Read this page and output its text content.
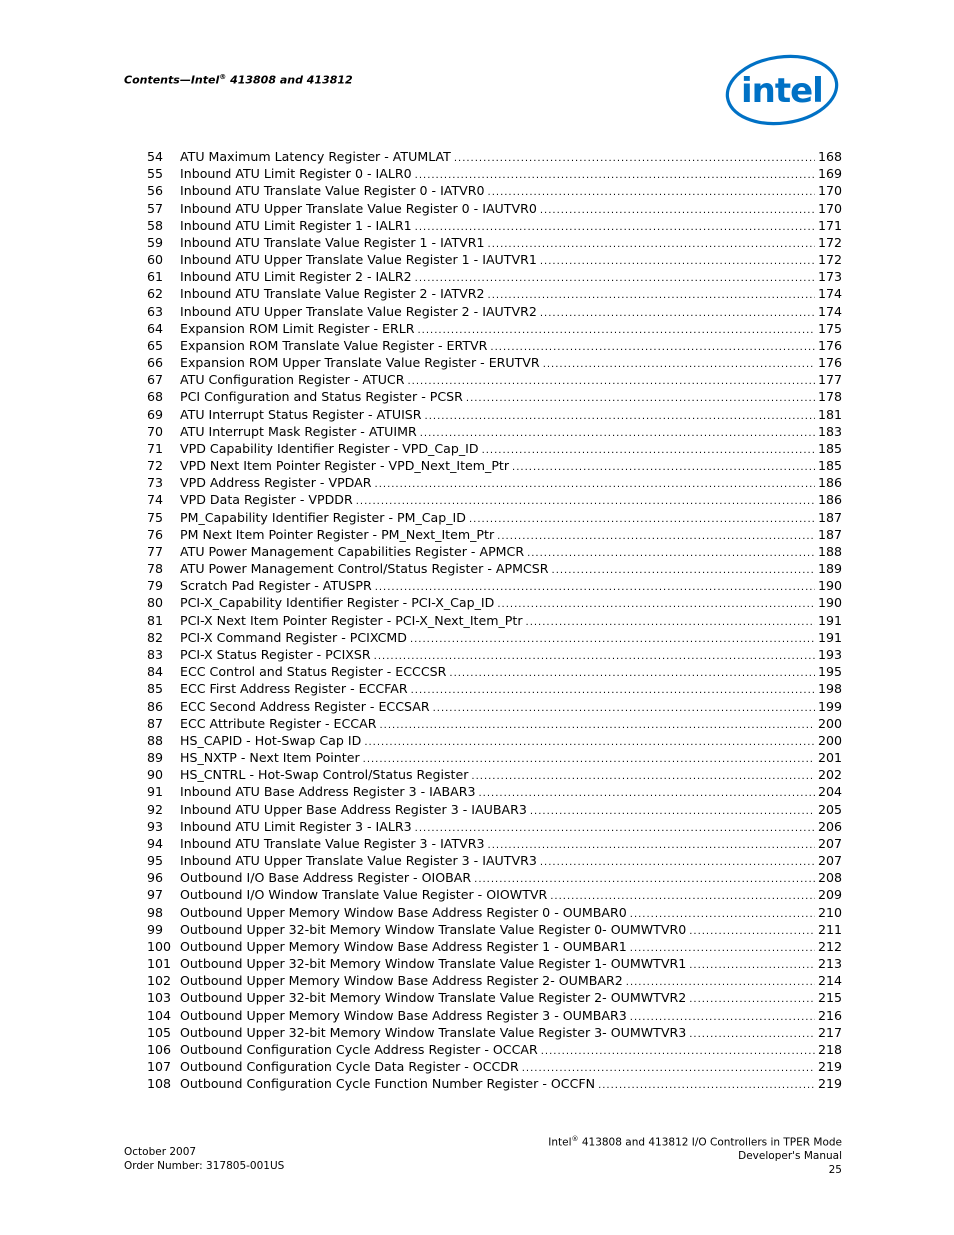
Contents—Intel® 413808 and 413812	intel
54	ATU Maximum Latency Register - ATUMLAT .....	168
55	Inbound ATU Limit Register 0 - IALR0 .....	169
56	Inbound ATU Translate Value Register 0 - IATVR0 .....	170
57	Inbound ATU Upper Translate Value Register 0 - IAUTVR0 .....	170
58	Inbound ATU Limit Register 1 - IALR1 .....	171
59	Inbound ATU Translate Value Register 1 - IATVR1 .....	172
60	Inbound ATU Upper Translate Value Register 1 - IAUTVR1 .....	172
61	Inbound ATU Limit Register 2 - IALR2 .....	173
62	Inbound ATU Translate Value Register 2 - IATVR2 .....	174
63	Inbound ATU Upper Translate Value Register 2 - IAUTVR2 .....	174
64	Expansion ROM Limit Register - ERLR .....	175
65	Expansion ROM Translate Value Register - ERTVR .....	176
66	Expansion ROM Upper Translate Value Register - ERUTVR .....	176
67	ATU Configuration Register - ATUCR .....	177
68	PCI Configuration and Status Register - PCSR .....	178
69	ATU Interrupt Status Register - ATUISR .....	181
70	ATU Interrupt Mask Register - ATUIMR .....	183
71	VPD Capability Identifier Register - VPD_Cap_ID .....	185
72	VPD Next Item Pointer Register - VPD_Next_Item_Ptr .....	185
73	VPD Address Register - VPDAR .....	186
74	VPD Data Register - VPDDR .....	186
75	PM_Capability Identifier Register - PM_Cap_ID .....	187
76	PM Next Item Pointer Register - PM_Next_Item_Ptr .....	187
77	ATU Power Management Capabilities Register - APMCR .....	188
78	ATU Power Management Control/Status Register - APMCSR .....	189
79	Scratch Pad Register - ATUSPR .....	190
80	PCI-X_Capability Identifier Register - PCI-X_Cap_ID .....	190
81	PCI-X Next Item Pointer Register - PCI-X_Next_Item_Ptr .....	191
82	PCI-X Command Register - PCIXCMD .....	191
83	PCI-X Status Register - PCIXSR .....	193
84	ECC Control and Status Register - ECCCSR .....	195
85	ECC First Address Register - ECCFAR .....	198
86	ECC Second Address Register - ECCSAR .....	199
87	ECC Attribute Register - ECCAR .....	200
88	HS_CAPID - Hot-Swap Cap ID .....	200
89	HS_NXTP - Next Item Pointer .....	201
90	HS_CNTRL - Hot-Swap Control/Status Register .....	202
91	Inbound ATU Base Address Register 3 - IABAR3 .....	204
92	Inbound ATU Upper Base Address Register 3 - IAUBAR3 .....	205
93	Inbound ATU Limit Register 3 - IALR3 .....	206
94	Inbound ATU Translate Value Register 3 - IATVR3 .....	207
95	Inbound ATU Upper Translate Value Register 3 - IAUTVR3 .....	207
96	Outbound I/O Base Address Register - OIOBAR .....	208
97	Outbound I/O Window Translate Value Register - OIOWTVR .....	209
98	Outbound Upper Memory Window Base Address Register 0 - OUMBAR0 .....	210
99	Outbound Upper 32-bit Memory Window Translate Value Register 0- OUMWTVR0 .....	211
100 Outbound Upper Memory Window Base Address Register 1 - OUMBAR1 .....	212
101 Outbound Upper 32-bit Memory Window Translate Value Register 1- OUMWTVR1 .....	213
102 Outbound Upper Memory Window Base Address Register 2- OUMBAR2 .....	214
103 Outbound Upper 32-bit Memory Window Translate Value Register 2- OUMWTVR2 .....	215
104 Outbound Upper Memory Window Base Address Register 3 - OUMBAR3 .....	216
105 Outbound Upper 32-bit Memory Window Translate Value Register 3- OUMWTVR3 .....	217
106 Outbound Configuration Cycle Address Register - OCCAR .....	218
107 Outbound Configuration Cycle Data Register - OCCDR .....	219
108 Outbound Configuration Cycle Function Number Register - OCCFN .....	219
October 2007
Order Number: 317805-001US
Intel® 413808 and 413812 I/O Controllers in TPER Mode
Developer's Manual
25
